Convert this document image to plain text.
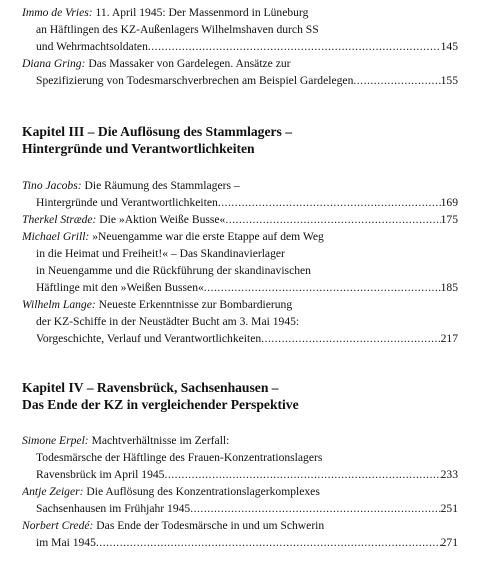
Immo de Vries: 11. April 1945: Der Massenmord in Lüneburg
an Häftlingen des KZ-Außenlagers Wilhelmshaven durch SS
und Wehrmachtsoldaten .....	145
Diana Gring: Das Massaker von Gardelegen. Ansätze zur
Spezifizierung von Todesmarschverbrechen am Beispiel Gardelegen .....	155
Kapitel III – Die Auflösung des Stammlagers –
Hintergründe und Verantwortlichkeiten
Tino Jacobs: Die Räumung des Stammlagers –
Hintergründe und Verantwortlichkeiten .....	169
Therkel Stræde: Die »Aktion Weiße Busse« .....	175
Michael Grill: »Neuengamme war die erste Etappe auf dem Weg
in die Heimat und Freiheit!« – Das Skandinavierlager
in Neuengamme und die Rückführung der skandinavischen
Häftlinge mit den »Weißen Bussen« .....	185
Wilhelm Lange: Neueste Erkenntnisse zur Bombardierung
der KZ-Schiffe in der Neustädter Bucht am 3. Mai 1945:
Vorgeschichte, Verlauf und Verantwortlichkeiten .....	217
Kapitel IV – Ravensbrück, Sachsenhausen –
Das Ende der KZ in vergleichender Perspektive
Simone Erpel: Machtverhältnisse im Zerfall:
Todesmärsche der Häftlinge des Frauen-Konzentrationslagers
Ravensbrück im April 1945 .....	233
Antje Zeiger: Die Auflösung des Konzentrationslagerkomplexes
Sachsenhausen im Frühjahr 1945 .....	251
Norbert Credé: Das Ende der Todesmärsche in und um Schwerin
im Mai 1945 .....	271
